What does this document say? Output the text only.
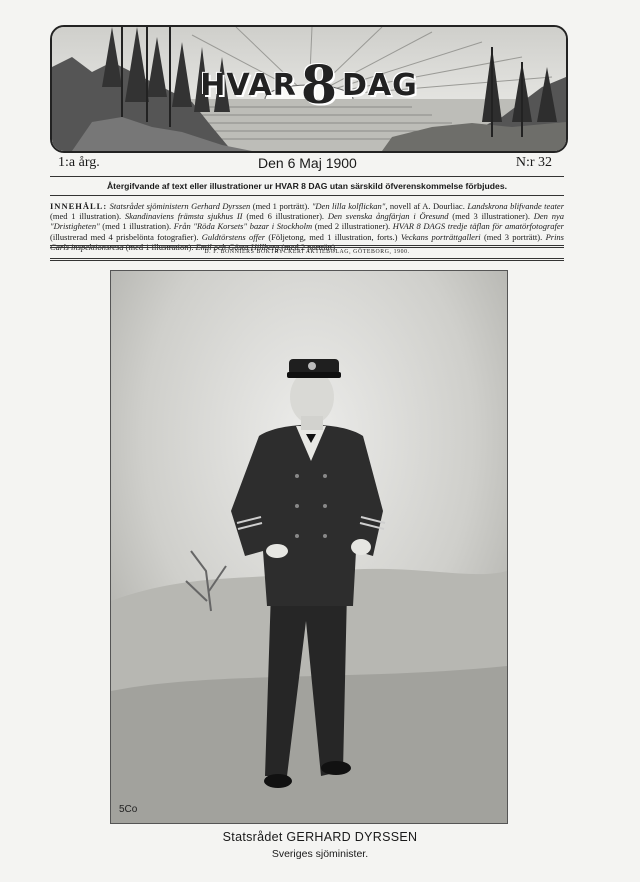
HVAR8 DAG
1:a årg.	Den 6 Maj 1900	N:r 32
Återgifvande af text eller illustrationer ur HVAR 8 DAG utan särskild öfverenskommelse förbjudes.
INNEHÅLL: Statsrådet sjöministern Gerhard Dyrssen (med 1 porträtt). "Den lilla kolflickan", novell af A. Dourliac. Landskrona blifvande teater (med 1 illustration). Skandinaviens främsta sjukhus II (med 6 illustrationer). Den svenska ångfärjan i Öresund (med 3 illustrationer). Den nya "Dristigheten" (med 1 illustration). Från "Röda Korsets" bazar i Stockholm (med 2 illustrationer). HVAR 8 DAGS tredje täflan för amatörfotografer (illustrerad med 4 prisbelönta fotografier). Guldtörstens offer (Följetong, med 1 illustration, forts.) Veckans porträttgalleri (med 3 porträtt). Prins Carls inspektionsresa (med 1 illustration). Emil och Gösta Hillberg (med 2 porträtt).
D. F. BONNIERS BOKTRYCKERI AKTIEBOLAG, GÖTEBORG, 1900.
5Co
Statsrådet GERHARD DYRSSEN
Sveriges sjöminister.
